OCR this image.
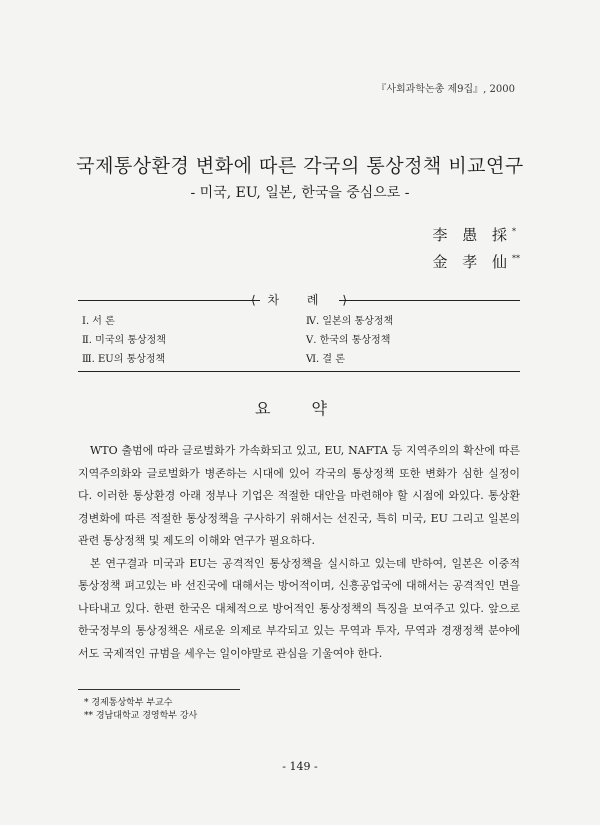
『사회과학논총 제9집』, 2000
국제통상환경 변화에 따른 각국의 통상정책 비교연구
- 미국, EU, 일본, 한국을 중심으로 -
李 愚 採*
金 孝 仙**
⟨ 차 례 ⟩
Ⅰ. 서 론
Ⅱ. 미국의 통상정책
Ⅲ. EU의 통상정책
Ⅳ. 일본의 통상정책
Ⅴ. 한국의 통상정책
Ⅵ. 결 론
요 약

WTO 출범에 따라 글로벌화가 가속화되고 있고, EU, NAFTA 등 지역주의의 확산에 따른 지역주의화와 글로벌화가 병존하는 시대에 있어 각국의 통상정책 또한 변화가 심한 실정이다. 이러한 통상환경 아래 정부나 기업은 적절한 대안을 마련해야 할 시점에 와있다. 통상환경변화에 따른 적절한 통상정책을 구사하기 위해서는 선진국, 특히 미국, EU 그리고 일본의 관련 통상정책 및 제도의 이해와 연구가 필요하다.

본 연구결과 미국과 EU는 공격적인 통상정책을 실시하고 있는데 반하여, 일본은 이중적 통상정책 펴고있는 바 선진국에 대해서는 방어적이며, 신흥공업국에 대해서는 공격적인 면을 나타내고 있다. 한편 한국은 대체적으로 방어적인 통상정책의 특징을 보여주고 있다. 앞으로 한국정부의 통상정책은 새로운 의제로 부각되고 있는 무역과 투자, 무역과 경쟁정책 분야에서도 국제적인 규범을 세우는 일이야말로 관심을 기울여야 한다.

* 경제통상학부 부교수
** 경남대학교 경영학부 강사
- 149 -
